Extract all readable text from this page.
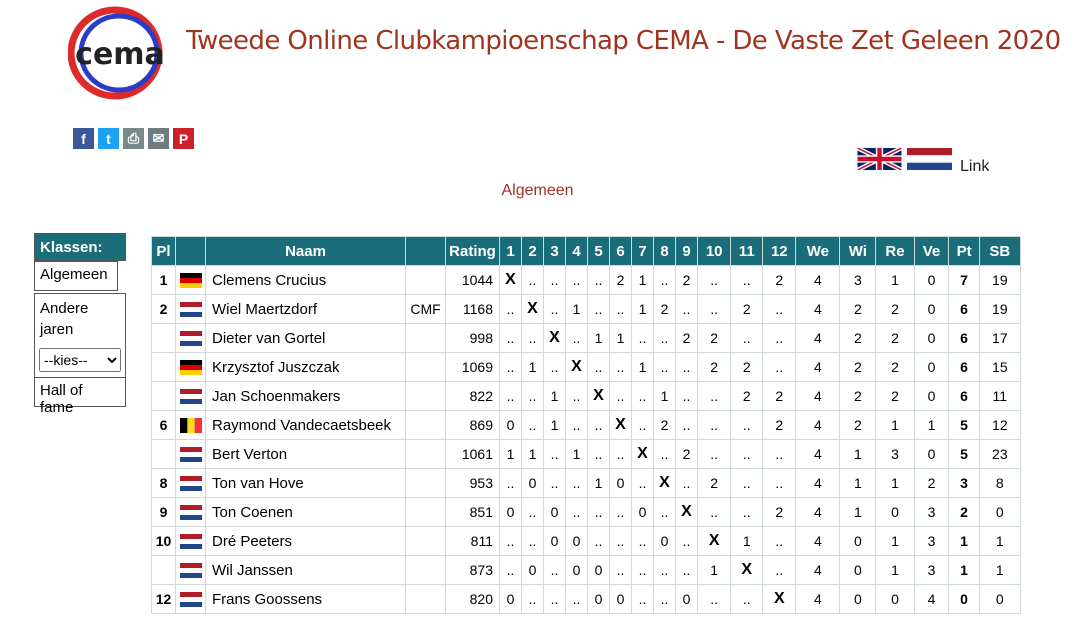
cema Tweede Online Clubkampioenschap CEMA - De Vaste Zet Geleen 2020
f	t	⎙ ✉	P
Link
Algemeen
Klassen:
Algemeen
Andere jaren
--kies--
Hall of fame
Pl		Naam		Rating	1	2	3	4	5	6	7	8	9	10	11	12	We	Wi	Re	Ve	Pt	SB
1		Clemens Crucius		1044	X	..	..	..	..	2	1	..	2	..	..	2	4	3	1	0	7	19
2		Wiel Maertzdorf	CMF	1168	..	X	..	1	..	..	1	2	..	..	2	..	4	2	2	0	6	19
		Dieter van Gortel		998	..	..	X	..	1	1	..	..	2	2	..	..	4	2	2	0	6	17
		Krzysztof Juszczak		1069	..	1	..	X	..	..	1	..	..	2	2	..	4	2	2	0	6	15
		Jan Schoenmakers		822	..	..	1	..	X	..	..	1	..	..	2	2	4	2	2	0	6	11
6		Raymond Vandecaetsbeek		869	0	..	1	..	..	X	..	2	..	..	..	2	4	2	1	1	5	12
		Bert Verton		1061	1	1	..	1	..	..	X	..	2	..	..	..	4	1	3	0	5	23
8		Ton van Hove		953	..	0	..	..	1	0	..	X	..	2	..	..	4	1	1	2	3	8
9		Ton Coenen		851	0	..	0	..	..	..	0	..	X	..	..	2	4	1	0	3	2	0
10		Dré Peeters		811	..	..	0	0	..	..	..	0	..	X	1	..	4	0	1	3	1	1
		Wil Janssen		873	..	0	..	0	0	..	..	..	..	1	X	..	4	0	1	3	1	1
12		Frans Goossens		820	0	..	..	..	0	0	..	..	0	..	..	X	4	0	0	4	0	0
